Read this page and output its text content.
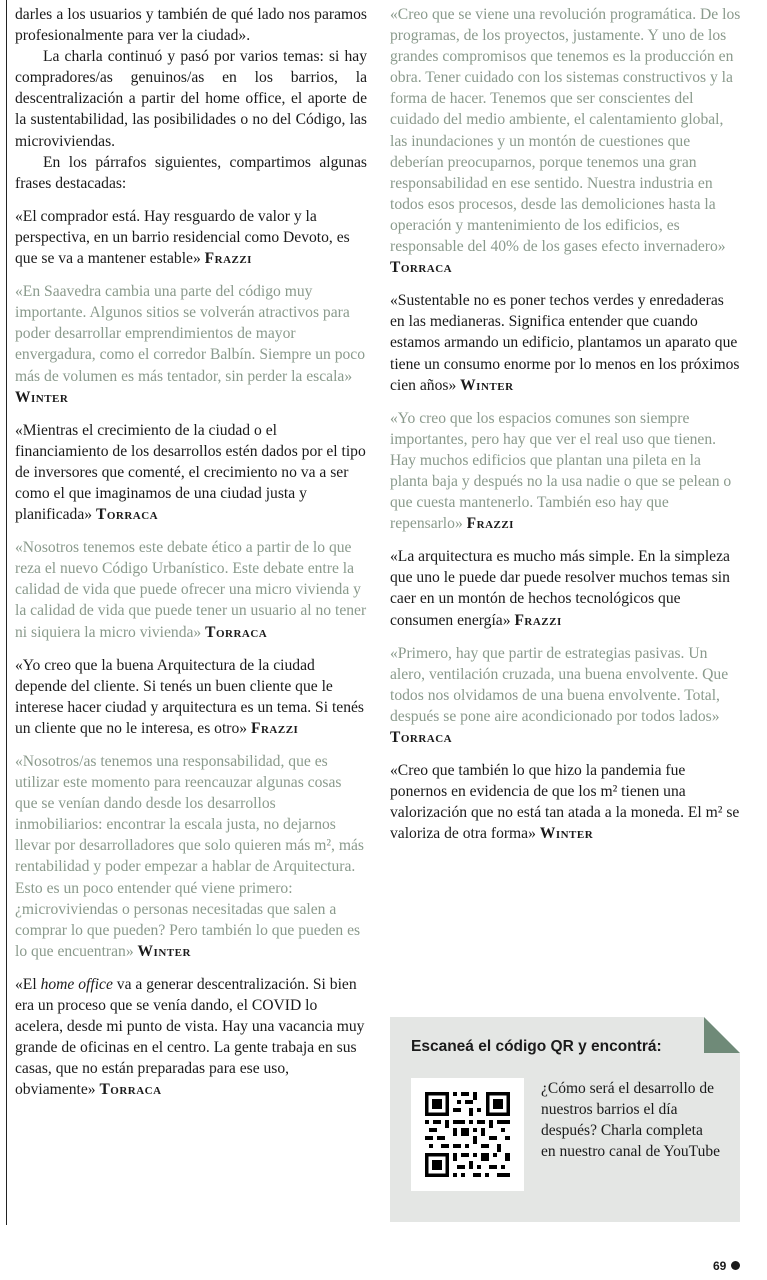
darles a los usuarios y también de qué lado nos paramos profesionalmente para ver la ciudad».

La charla continuó y pasó por varios temas: si hay compradores/as genuinos/as en los barrios, la descentralización a partir del home office, el aporte de la sustentabilidad, las posibilidades o no del Código, las microviviendas.

En los párrafos siguientes, compartimos algunas frases destacadas:

«El comprador está. Hay resguardo de valor y la perspectiva, en un barrio residencial como Devoto, es que se va a mantener estable» Frazzi

«En Saavedra cambia una parte del código muy importante. Algunos sitios se volverán atractivos para poder desarrollar emprendimientos de mayor envergadura, como el corredor Balbín. Siempre un poco más de volumen es más tentador, sin perder la escala» Winter

«Mientras el crecimiento de la ciudad o el financiamiento de los desarrollos estén dados por el tipo de inversores que comenté, el crecimiento no va a ser como el que imaginamos de una ciudad justa y planificada» Torraca

«Nosotros tenemos este debate ético a partir de lo que reza el nuevo Código Urbanístico. Este debate entre la calidad de vida que puede ofrecer una micro vivienda y la calidad de vida que puede tener un usuario al no tener ni siquiera la micro vivienda» Torraca

«Yo creo que la buena Arquitectura de la ciudad depende del cliente. Si tenés un buen cliente que le interese hacer ciudad y arquitectura es un tema. Si tenés un cliente que no le interesa, es otro» Frazzi

«Nosotros/as tenemos una responsabilidad, que es utilizar este momento para reencauzar algunas cosas que se venían dando desde los desarrollos inmobiliarios: encontrar la escala justa, no dejarnos llevar por desarrolladores que solo quieren más m², más rentabilidad y poder empezar a hablar de Arquitectura. Esto es un poco entender qué viene primero: ¿microviviendas o personas necesitadas que salen a comprar lo que pueden? Pero también lo que pueden es lo que encuentran» Winter

«El home office va a generar descentralización. Si bien era un proceso que se venía dando, el COVID lo acelera, desde mi punto de vista. Hay una vacancia muy grande de oficinas en el centro. La gente trabaja en sus casas, que no están preparadas para ese uso, obviamente» Torraca

«Creo que se viene una revolución programática. De los programas, de los proyectos, justamente. Y uno de los grandes compromisos que tenemos es la producción en obra. Tener cuidado con los sistemas constructivos y la forma de hacer. Tenemos que ser conscientes del cuidado del medio ambiente, el calentamiento global, las inundaciones y un montón de cuestiones que deberían preocuparnos, porque tenemos una gran responsabilidad en ese sentido. Nuestra industria en todos esos procesos, desde las demoliciones hasta la operación y mantenimiento de los edificios, es responsable del 40% de los gases efecto invernadero» Torraca

«Sustentable no es poner techos verdes y enredaderas en las medianeras. Significa entender que cuando estamos armando un edificio, plantamos un aparato que tiene un consumo enorme por lo menos en los próximos cien años» Winter

«Yo creo que los espacios comunes son siempre importantes, pero hay que ver el real uso que tienen. Hay muchos edificios que plantan una pileta en la planta baja y después no la usa nadie o que se pelean o que cuesta mantenerlo. También eso hay que repensarlo» Frazzi

«La arquitectura es mucho más simple. En la simpleza que uno le puede dar puede resolver muchos temas sin caer en un montón de hechos tecnológicos que consumen energía» Frazzi

«Primero, hay que partir de estrategias pasivas. Un alero, ventilación cruzada, una buena envolvente. Que todos nos olvidamos de una buena envolvente. Total, después se pone aire acondicionado por todos lados» Torraca

«Creo que también lo que hizo la pandemia fue ponernos en evidencia de que los m² tienen una valorización que no está tan atada a la moneda. El m² se valoriza de otra forma» Winter

Escaneá el código QR y encontrá:
¿Cómo será el desarrollo de nuestros barrios el día después? Charla completa en nuestro canal de YouTube
69
